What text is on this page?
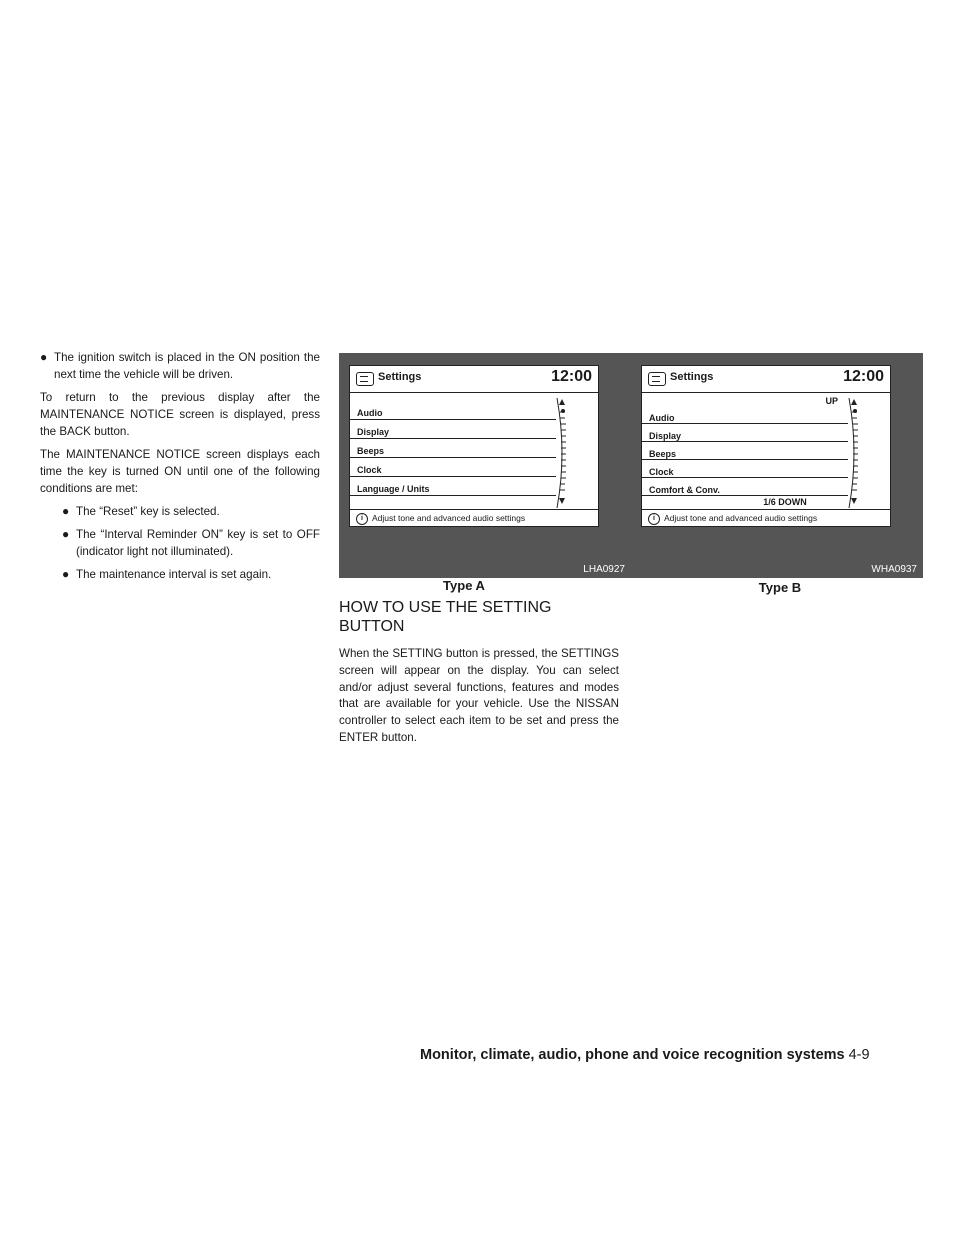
● The ignition switch is placed in the ON position the next time the vehicle will be driven.

To return to the previous display after the MAINTENANCE NOTICE screen is displayed, press the BACK button.

The MAINTENANCE NOTICE screen displays each time the key is turned ON until one of the following conditions are met:

● The “Reset” key is selected.
● The “Interval Reminder ON” key is set to OFF (indicator light not illuminated).
● The maintenance interval is set again.
Settings	12:00
Audio
Display
Beeps
Clock
Language / Units
i	Adjust tone and advanced audio settings
LHA0927
Type A
Settings	12:00
UP
Audio
Display
Beeps
Clock
Comfort & Conv.
1/6 DOWN
i	Adjust tone and advanced audio settings
WHA0937
Type B
HOW TO USE THE SETTING BUTTON

When the SETTING button is pressed, the SETTINGS screen will appear on the display. You can select and/or adjust several functions, features and modes that are available for your vehicle. Use the NISSAN controller to select each item to be set and press the ENTER button.

Monitor, climate, audio, phone and voice recognition systems 4-9
